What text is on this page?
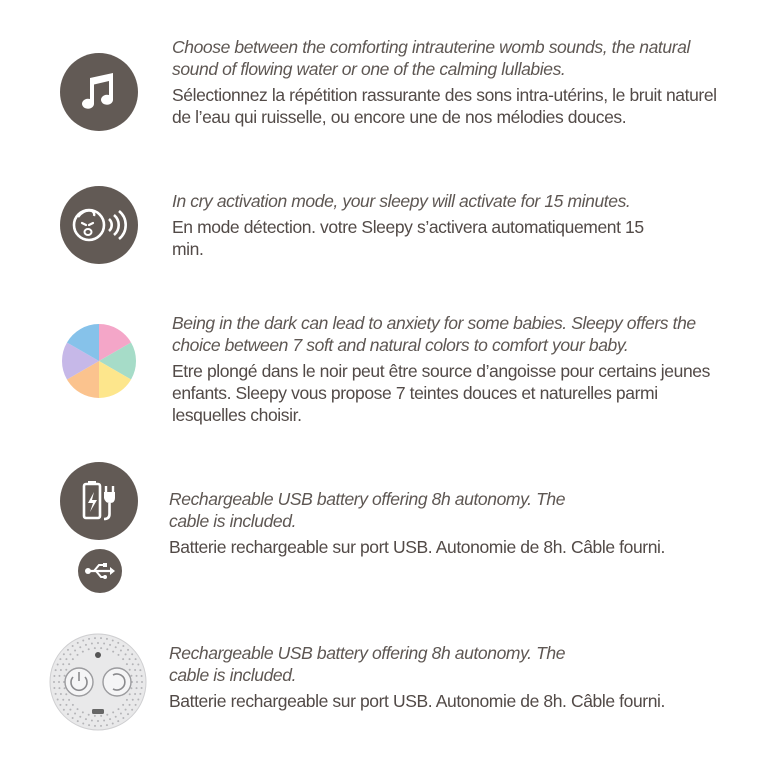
Choose between the comforting intrauterine womb sounds, the natural sound of flowing water or one of the calming lullabies.

Sélectionnez la répétition rassurante des sons intra-utérins, le bruit naturel de l’eau qui ruisselle, ou encore une de nos mélodies douces.

In cry activation mode, your sleepy will activate for 15 minutes.

En mode détection. votre Sleepy s’activera automatiquement 15 min.

Being in the dark can lead to anxiety for some babies. Sleepy offers the choice between 7 soft and natural colors to comfort your baby.

Etre plongé dans le noir peut être source d’angoisse pour certains jeunes enfants. Sleepy vous propose 7 teintes douces et naturelles parmi lesquelles choisir.

Rechargeable USB battery offering 8h autonomy. The cable is included.

Batterie rechargeable sur port USB. Autonomie de 8h. Câble fourni.

Rechargeable USB battery offering 8h autonomy. The cable is included.

Batterie rechargeable sur port USB. Autonomie de 8h. Câble fourni.
